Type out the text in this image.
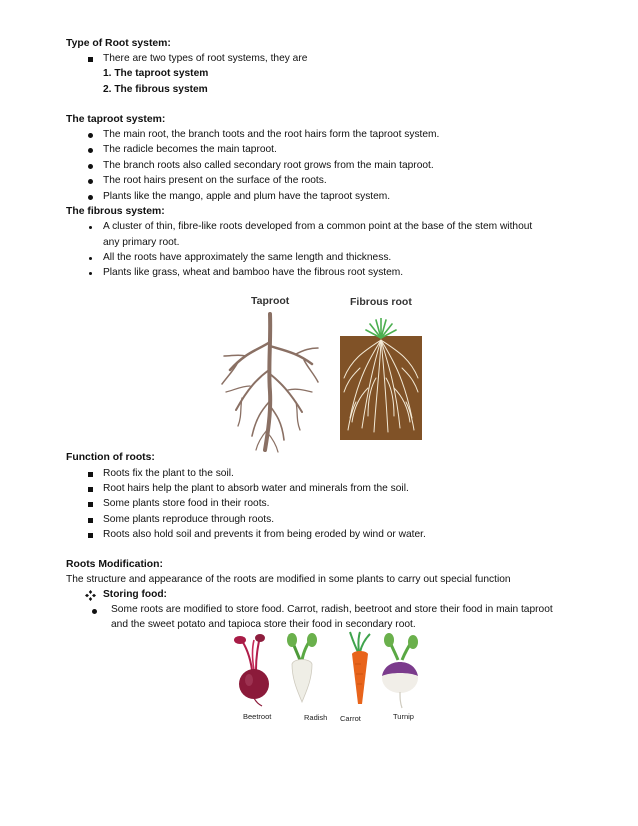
Type of Root system:
There are two types of root systems, they are
1. The taproot system
2. The fibrous system
The taproot system:
The main root, the branch toots and the root hairs form the taproot system.
The radicle becomes the main taproot.
The branch roots also called secondary root grows from the main taproot.
The root hairs present on the surface of the roots.
Plants like the mango, apple and plum have the taproot system.
The fibrous system:
A cluster of thin, fibre-like roots developed from a common point at the base of the stem without
any primary root.
All the roots have approximately the same length and thickness.
Plants like grass, wheat and bamboo have the fibrous root system.
Taproot	Fibrous root
Function of roots:
Roots fix the plant to the soil.
Root hairs help the plant to absorb water and minerals from the soil.
Some plants store food in their roots.
Some plants reproduce through roots.
Roots also hold soil and prevents it from being eroded by wind or water.
Roots Modification:
The structure and appearance of the roots are modified in some plants to carry out special function
Storing food:
Some roots are modified to store food. Carrot, radish, beetroot and store their food in main taproot
and the sweet potato and tapioca store their food in secondary root.
Beetroot	Radish Carrot	Turnip
